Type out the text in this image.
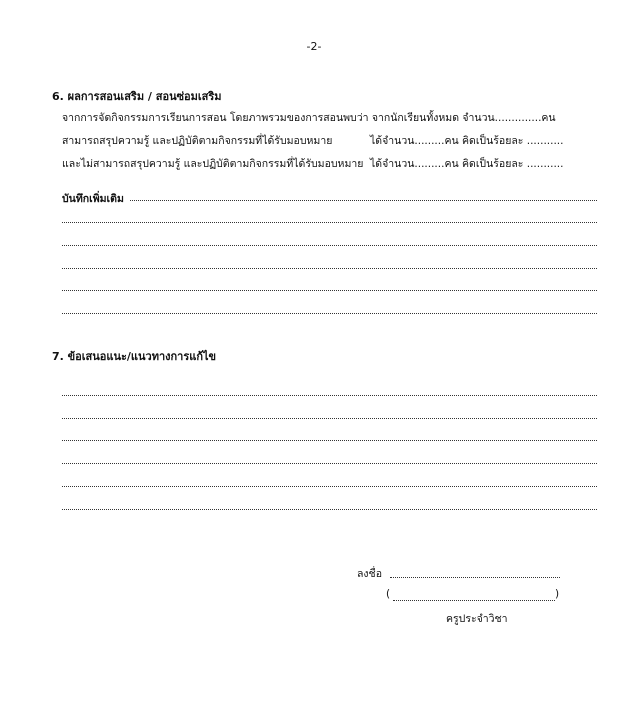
-2-
6. ผลการสอนเสริม / สอนซ่อมเสริม
จากการจัดกิจกรรมการเรียนการสอน โดยภาพรวมของการสอนพบว่า จากนักเรียนทั้งหมด จำนวน..............คน
สามารถสรุปความรู้ และปฏิบัติตามกิจกรรมที่ได้รับมอบหมาย	ได้จำนวน.........คน คิดเป็นร้อยละ ...........
และไม่สามารถสรุปความรู้ และปฏิบัติตามกิจกรรมที่ได้รับมอบหมาย ได้จำนวน.........คน คิดเป็นร้อยละ ...........
บันทึกเพิ่มเติม
7. ข้อเสนอแนะ/แนวทางการแก้ไข
ลงชื่อ
(	)
ครูประจำวิชา
